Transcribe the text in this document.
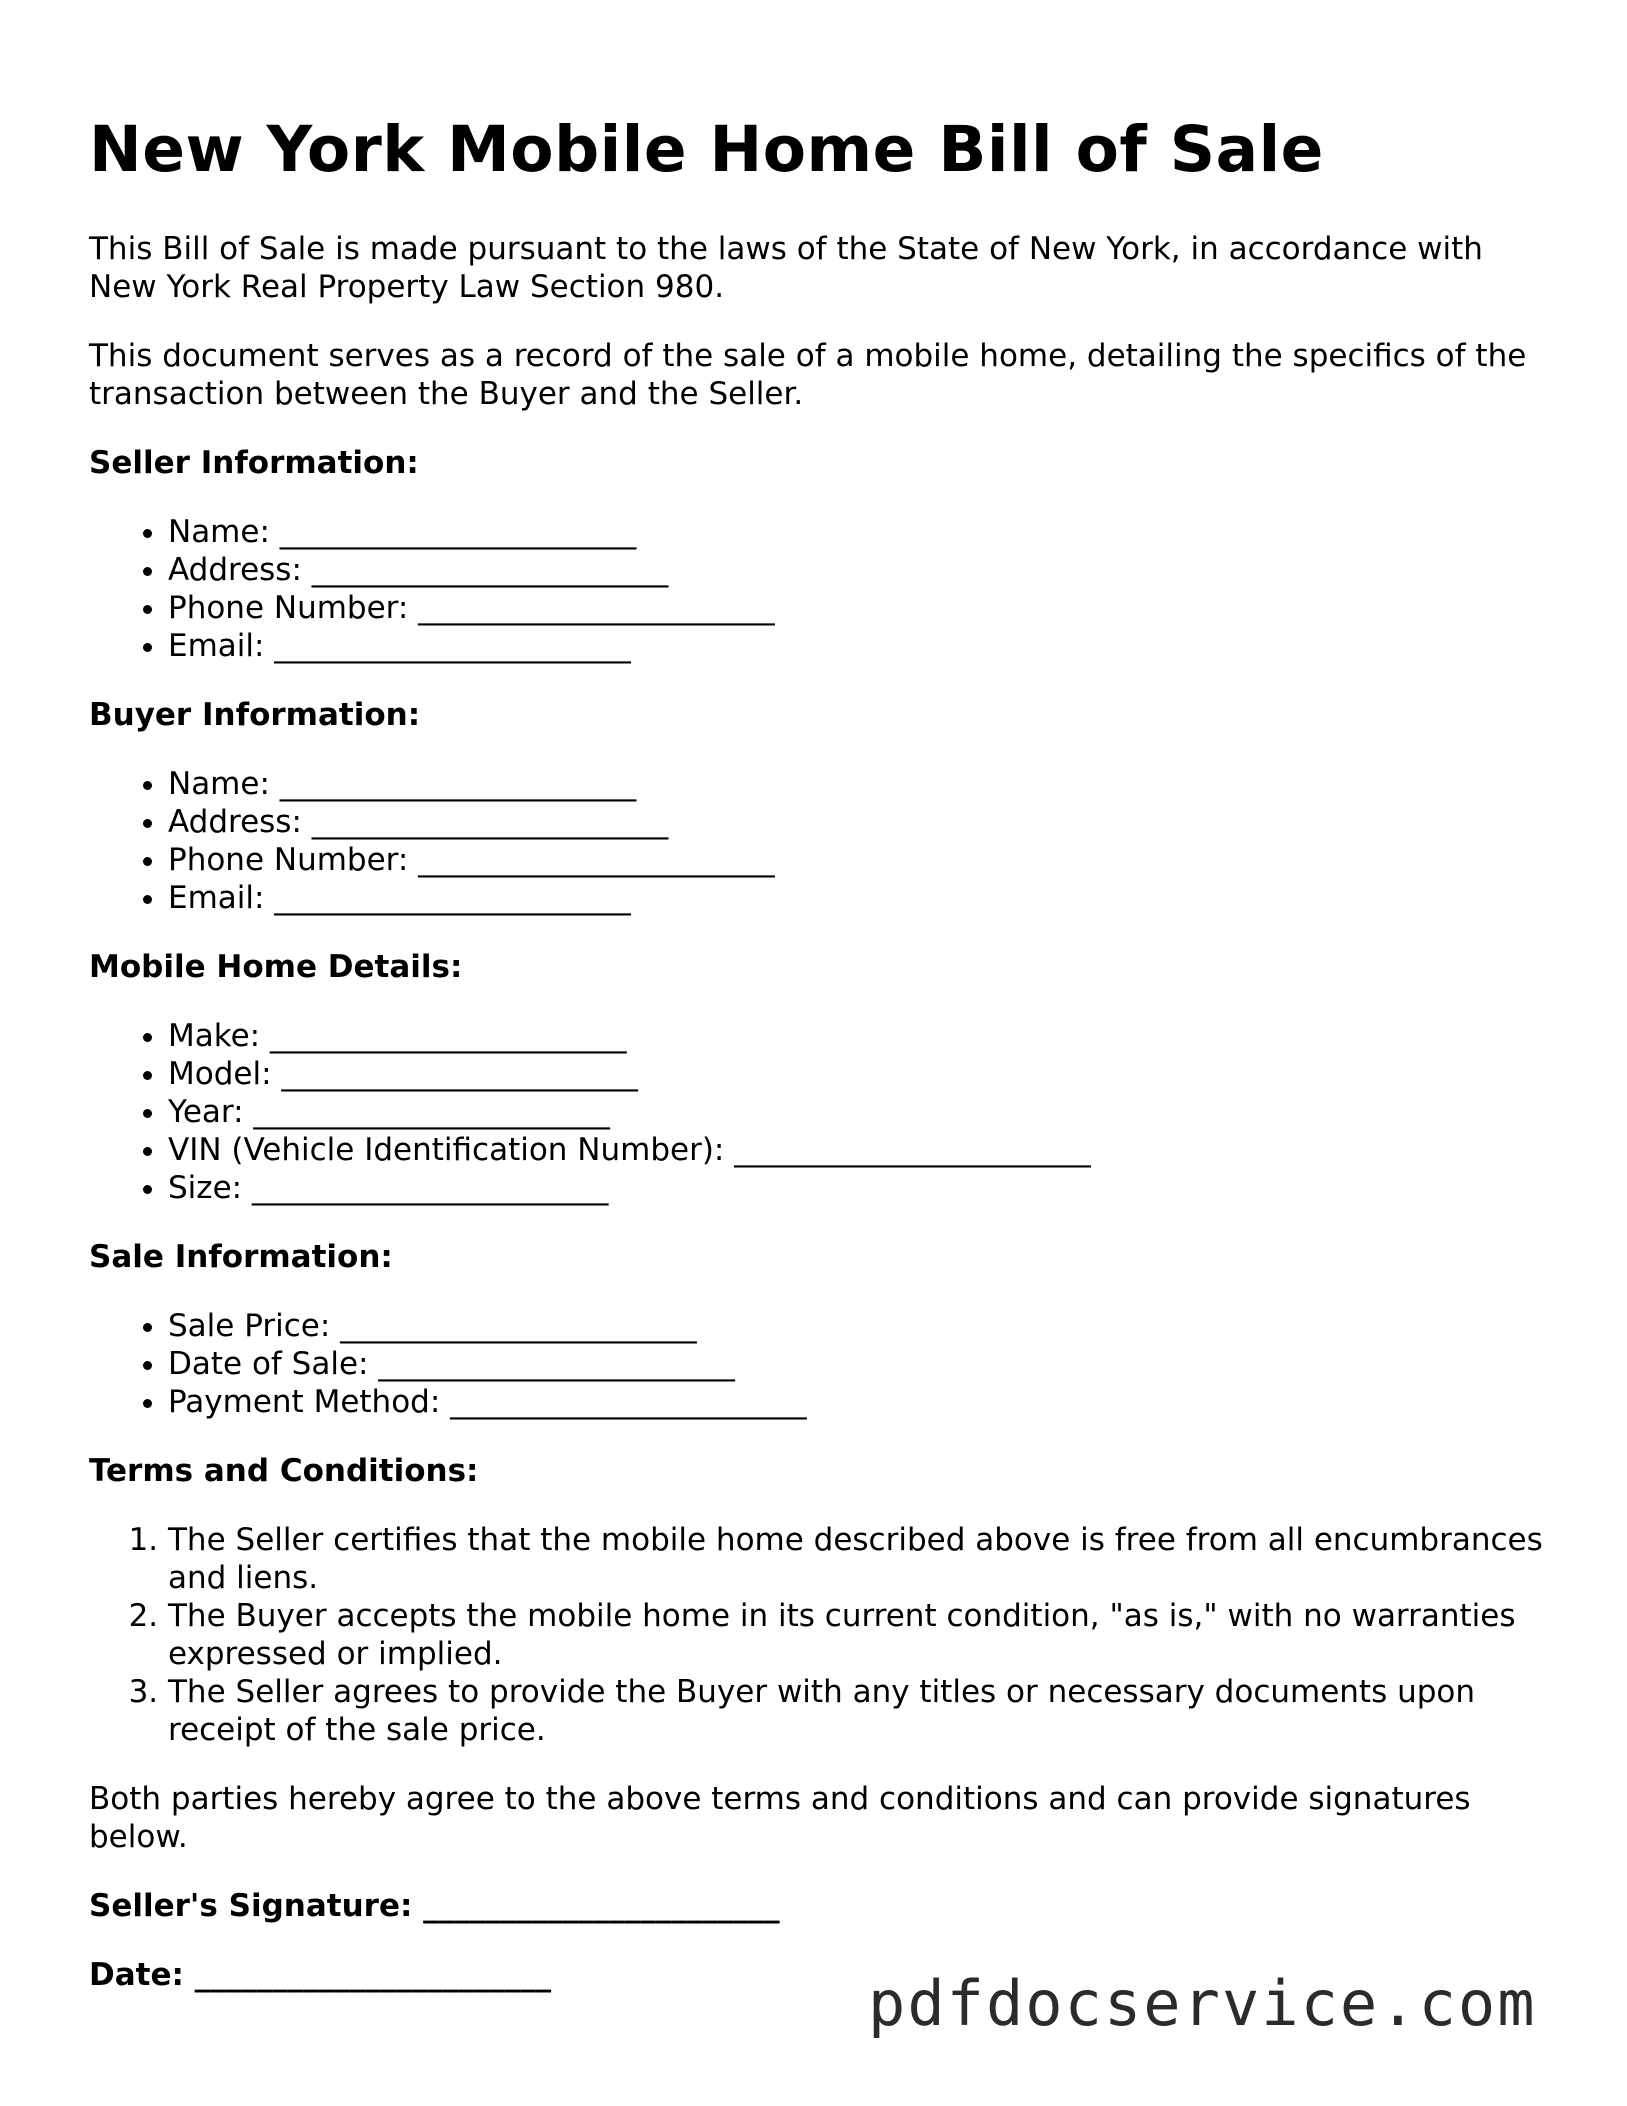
New York Mobile Home Bill of Sale

This Bill of Sale is made pursuant to the laws of the State of New York, in accordance with New York Real Property Law Section 980.

This document serves as a record of the sale of a mobile home, detailing the specifics of the transaction between the Buyer and the Seller.

Seller Information:
• Name: _______________________
• Address: _______________________
• Phone Number: _______________________
• Email: _______________________
Buyer Information:
• Name: _______________________
• Address: _______________________
• Phone Number: _______________________
• Email: _______________________
Mobile Home Details:
• Make: _______________________
• Model: _______________________
• Year: _______________________
• VIN (Vehicle Identification Number): _______________________
• Size: _______________________
Sale Information:
• Sale Price: _______________________
• Date of Sale: _______________________
• Payment Method: _______________________
Terms and Conditions:
1. The Seller certifies that the mobile home described above is free from all encumbrances and liens.
2. The Buyer accepts the mobile home in its current condition, "as is," with no warranties expressed or implied.
3. The Seller agrees to provide the Buyer with any titles or necessary documents upon receipt of the sale price.

Both parties hereby agree to the above terms and conditions and can provide signatures below.

Seller's Signature: _______________________
Date: _______________________	pdfdocservice.com
